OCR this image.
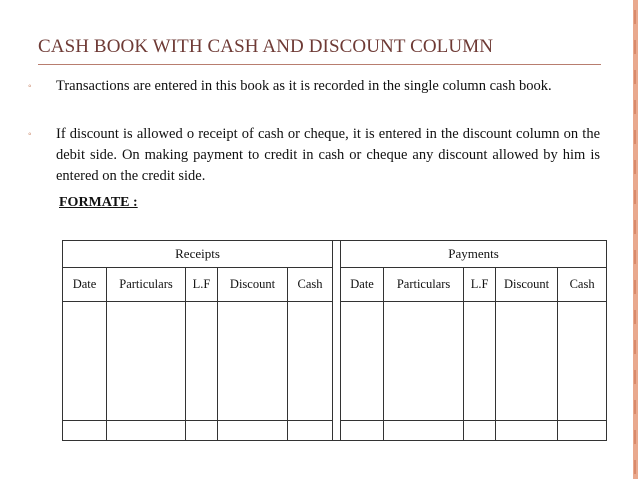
CASH BOOK WITH CASH AND DISCOUNT COLUMN
◦ Transactions are entered in this book as it is recorded in the single column cash book.
◦ If discount is allowed o receipt of cash or cheque, it is entered in the discount column on the debit side. On making payment to credit in cash or cheque any discount allowed by him is entered on the credit side.
FORMATE :
Receipts						Payments				
Date	Particulars	L.F	Discount	Cash		Date	Particulars	L.F	Discount	Cash
